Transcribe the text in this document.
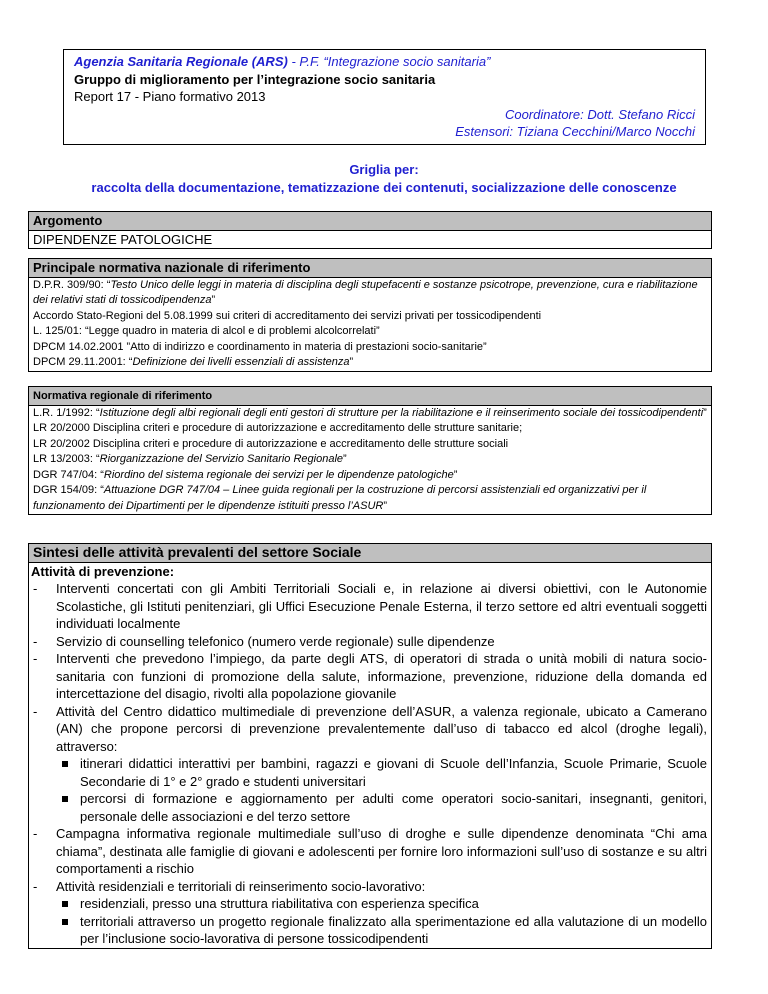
Agenzia Sanitaria Regionale (ARS) - P.F. “Integrazione socio sanitaria”
Gruppo di miglioramento per l’integrazione socio sanitaria
Report 17 - Piano formativo 2013
Coordinatore: Dott. Stefano Ricci
Estensori: Tiziana Cecchini/Marco Nocchi
Griglia per:
raccolta della documentazione, tematizzazione dei contenuti, socializzazione delle conoscenze
Argomento
DIPENDENZE PATOLOGICHE
Principale normativa nazionale di riferimento
D.P.R. 309/90: “Testo Unico delle leggi in materia di disciplina degli stupefacenti e sostanze psicotrope, prevenzione, cura e riabilitazione dei relativi stati di tossicodipendenza”
Accordo Stato-Regioni del 5.08.1999 sui criteri di accreditamento dei servizi privati per tossicodipendenti
L. 125/01: “Legge quadro in materia di alcol e di problemi alcolcorrelati”
DPCM 14.02.2001 ”Atto di indirizzo e coordinamento in materia di prestazioni socio-sanitarie”
DPCM 29.11.2001: “Definizione dei livelli essenziali di assistenza”
Normativa regionale di riferimento
L.R. 1/1992: “Istituzione degli albi regionali degli enti gestori di strutture per la riabilitazione e il reinserimento sociale dei tossicodipendenti”
LR 20/2000 Disciplina criteri e procedure di autorizzazione e accreditamento delle strutture sanitarie;
LR 20/2002 Disciplina criteri e procedure di autorizzazione e accreditamento delle strutture sociali
LR 13/2003: “Riorganizzazione del Servizio Sanitario Regionale”
DGR 747/04: “Riordino del sistema regionale dei servizi per le dipendenze patologiche”
DGR 154/09: “Attuazione DGR 747/04 – Linee guida regionali per la costruzione di percorsi assistenziali ed organizzativi per il funzionamento dei Dipartimenti per le dipendenze istituiti presso l’ASUR”
Sintesi delle attività prevalenti del settore Sociale
Attività di prevenzione:
- Interventi concertati con gli Ambiti Territoriali Sociali e, in relazione ai diversi obiettivi, con le Autonomie Scolastiche, gli Istituti penitenziari, gli Uffici Esecuzione Penale Esterna, il terzo settore ed altri eventuali soggetti individuati localmente
- Servizio di counselling telefonico (numero verde regionale) sulle dipendenze
- Interventi che prevedono l’impiego, da parte degli ATS, di operatori di strada o unità mobili di natura socio-sanitaria con funzioni di promozione della salute, informazione, prevenzione, riduzione della domanda ed intercettazione del disagio, rivolti alla popolazione giovanile
- Attività del Centro didattico multimediale di prevenzione dell’ASUR, a valenza regionale, ubicato a Camerano (AN) che propone percorsi di prevenzione prevalentemente dall’uso di tabacco ed alcol (droghe legali), attraverso:
itinerari didattici interattivi per bambini, ragazzi e giovani di Scuole dell’Infanzia, Scuole Primarie, Scuole Secondarie di 1° e 2° grado e studenti universitari
percorsi di formazione e aggiornamento per adulti come operatori socio-sanitari, insegnanti, genitori, personale delle associazioni e del terzo settore
- Campagna informativa regionale multimediale sull’uso di droghe e sulle dipendenze denominata “Chi ama chiama”, destinata alle famiglie di giovani e adolescenti per fornire loro informazioni sull’uso di sostanze e su altri comportamenti a rischio
- Attività residenziali e territoriali di reinserimento socio-lavorativo:
residenziali, presso una struttura riabilitativa con esperienza specifica
territoriali attraverso un progetto regionale finalizzato alla sperimentazione ed alla valutazione di un modello per l’inclusione socio-lavorativa di persone tossicodipendenti
